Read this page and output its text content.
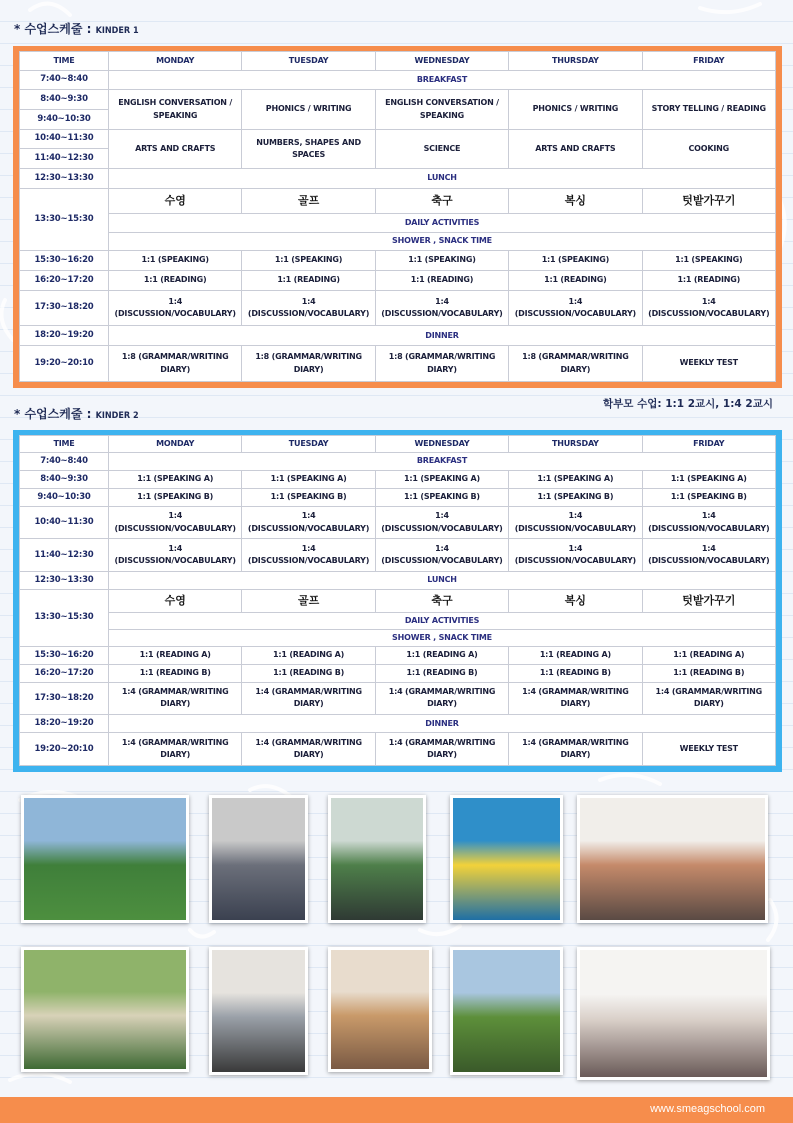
* 수업스케줄 : KINDER 1
TIME	MONDAY	TUESDAY	WEDNESDAY	THURSDAY	FRIDAY
7:40~8:40	BREAKFAST				
8:40~9:30	ENGLISH CONVERSATION / SPEAKING	PHONICS / WRITING	ENGLISH CONVERSATION / SPEAKING	PHONICS / WRITING	STORY TELLING / READING
9:40~10:30					
10:40~11:30	ARTS AND CRAFTS	NUMBERS, SHAPES AND SPACES	SCIENCE	ARTS AND CRAFTS	COOKING
11:40~12:30					
12:30~13:30	LUNCH				
13:30~15:30	수영	골프	축구	복싱	텃밭가꾸기
	DAILY ACTIVITIES				
	SHOWER , SNACK TIME				
15:30~16:20	1:1 (SPEAKING)	1:1 (SPEAKING)	1:1 (SPEAKING)	1:1 (SPEAKING)	1:1 (SPEAKING)
16:20~17:20	1:1 (READING)	1:1 (READING)	1:1 (READING)	1:1 (READING)	1:1 (READING)
17:30~18:20	1:4 (DISCUSSION/VOCABULARY)	1:4 (DISCUSSION/VOCABULARY)	1:4 (DISCUSSION/VOCABULARY)	1:4 (DISCUSSION/VOCABULARY)	1:4 (DISCUSSION/VOCABULARY)
18:20~19:20	DINNER				
19:20~20:10	1:8 (GRAMMAR/WRITING DIARY)	1:8 (GRAMMAR/WRITING DIARY)	1:8 (GRAMMAR/WRITING DIARY)	1:8 (GRAMMAR/WRITING DIARY)	WEEKLY TEST
학부모 수업: 1:1 2교시, 1:4 2교시
* 수업스케줄 : KINDER 2
TIME	MONDAY	TUESDAY	WEDNESDAY	THURSDAY	FRIDAY
7:40~8:40	BREAKFAST				
8:40~9:30	1:1 (SPEAKING A)	1:1 (SPEAKING A)	1:1 (SPEAKING A)	1:1 (SPEAKING A)	1:1 (SPEAKING A)
9:40~10:30	1:1 (SPEAKING B)	1:1 (SPEAKING B)	1:1 (SPEAKING B)	1:1 (SPEAKING B)	1:1 (SPEAKING B)
10:40~11:30	1:4 (DISCUSSION/VOCABULARY)	1:4 (DISCUSSION/VOCABULARY)	1:4 (DISCUSSION/VOCABULARY)	1:4 (DISCUSSION/VOCABULARY)	1:4 (DISCUSSION/VOCABULARY)
11:40~12:30	1:4 (DISCUSSION/VOCABULARY)	1:4 (DISCUSSION/VOCABULARY)	1:4 (DISCUSSION/VOCABULARY)	1:4 (DISCUSSION/VOCABULARY)	1:4 (DISCUSSION/VOCABULARY)
12:30~13:30	LUNCH				
13:30~15:30	수영	골프	축구	복싱	텃밭가꾸기
	DAILY ACTIVITIES				
	SHOWER , SNACK TIME				
15:30~16:20	1:1 (READING A)	1:1 (READING A)	1:1 (READING A)	1:1 (READING A)	1:1 (READING A)
16:20~17:20	1:1 (READING B)	1:1 (READING B)	1:1 (READING B)	1:1 (READING B)	1:1 (READING B)
17:30~18:20	1:4 (GRAMMAR/WRITING DIARY)	1:4 (GRAMMAR/WRITING DIARY)	1:4 (GRAMMAR/WRITING DIARY)	1:4 (GRAMMAR/WRITING DIARY)	1:4 (GRAMMAR/WRITING DIARY)
18:20~19:20	DINNER				
19:20~20:10	1:4 (GRAMMAR/WRITING DIARY)	1:4 (GRAMMAR/WRITING DIARY)	1:4 (GRAMMAR/WRITING DIARY)	1:4 (GRAMMAR/WRITING DIARY)	WEEKLY TEST
www.smeagschool.com
